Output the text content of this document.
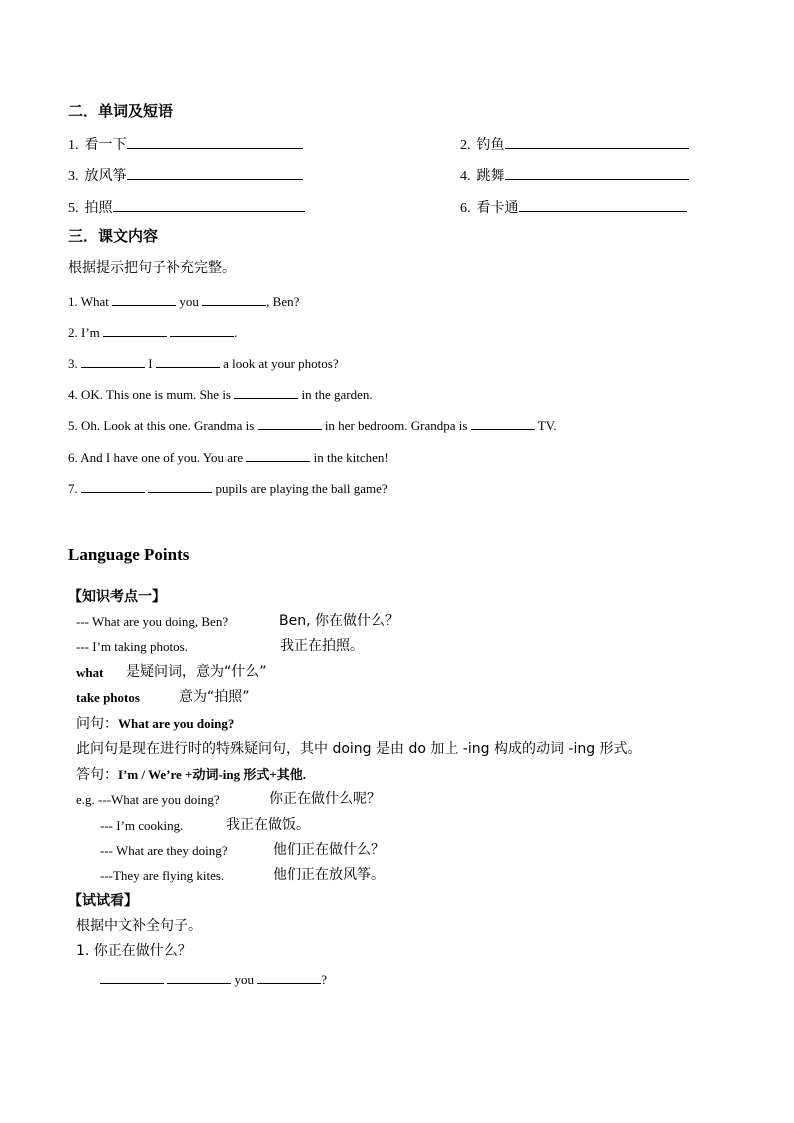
二．单词及短语
1. 看一下	2. 钓鱼
3. 放风筝	4. 跳舞
5. 拍照	6. 看卡通
三．课文内容
根据提示把句子补充完整。
1. What	you	, Ben?
2. I’m	.
3.	I	a look at your photos?
4. OK. This one is mum. She is	in the garden.
5. Oh. Look at this one. Grandma is	in her bedroom. Grandpa is	TV.
6. And I have one of you. You are	in the kitchen!
7.	pupils are playing the ball game?
Language Points
【知识考点一】
--- What are you doing, Ben?	Ben, 你在做什么？
--- I’m taking photos.	我正在拍照。
what 是疑问词，意为“什么”
take photos	意为“拍照”
问句：What are you doing?
此问句是现在进行时的特殊疑问句，其中 doing 是由 do 加上 -ing 构成的动词 -ing 形式。
答句：I’m / We’re +动词-ing 形式+其他.
e.g. ---What are you doing?	你正在做什么呢？
--- I’m cooking.	我正在做饭。
--- What are they doing?	他们正在做什么？
---They are flying kites.	他们正在放风筝。
【试试看】
根据中文补全句子。
1. 你正在做什么？
you	?
